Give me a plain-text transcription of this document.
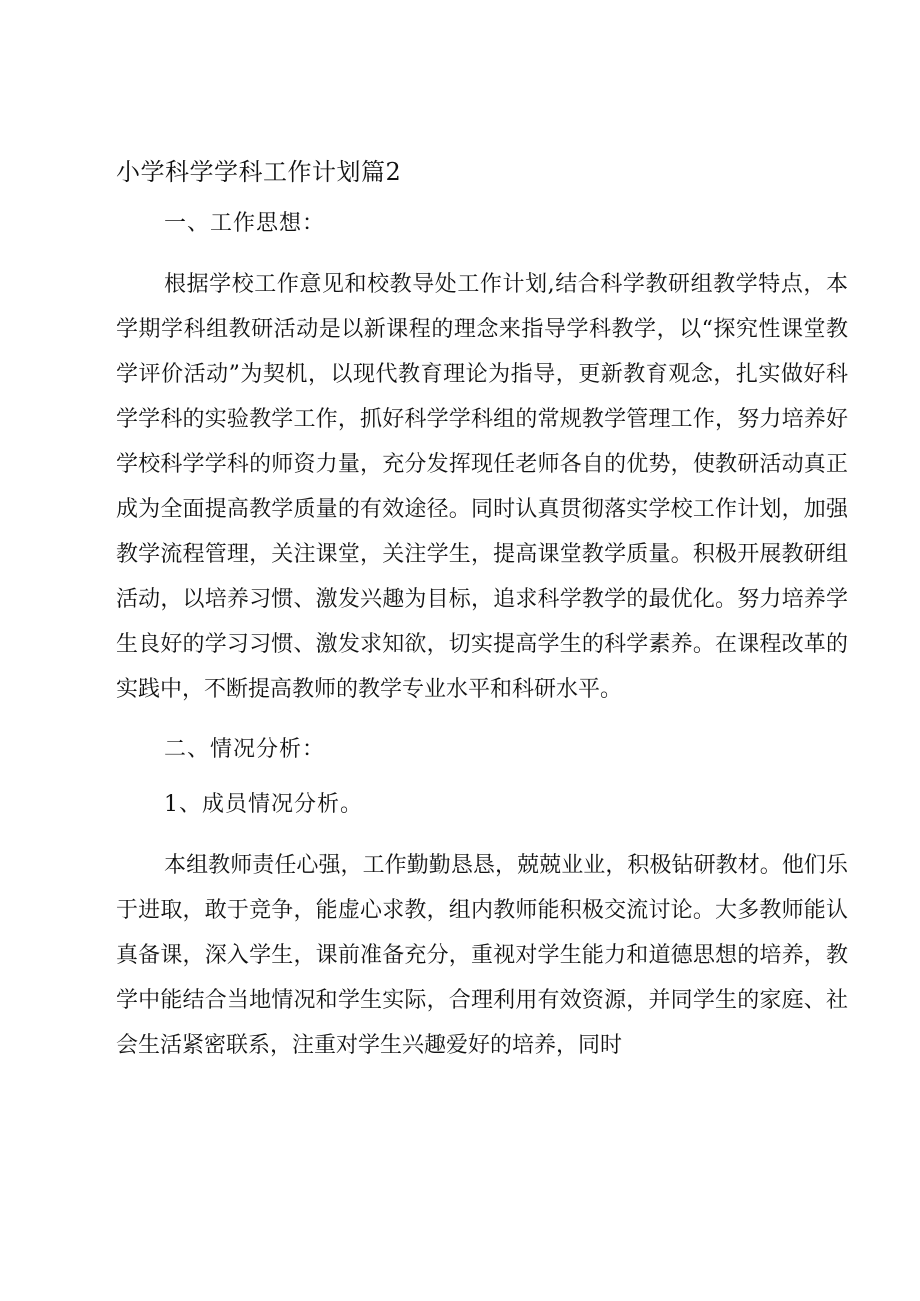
小学科学学科工作计划篇2
一、工作思想：

根据学校工作意见和校教导处工作计划,结合科学教研组教学特点，本学期学科组教研活动是以新课程的理念来指导学科教学，以“探究性课堂教学评价活动”为契机，以现代教育理论为指导，更新教育观念，扎实做好科学学科的实验教学工作，抓好科学学科组的常规教学管理工作，努力培养好学校科学学科的师资力量，充分发挥现任老师各自的优势，使教研活动真正成为全面提高教学质量的有效途径。同时认真贯彻落实学校工作计划，加强教学流程管理，关注课堂，关注学生，提高课堂教学质量。积极开展教研组活动，以培养习惯、激发兴趣为目标，追求科学教学的最优化。努力培养学生良好的学习习惯、激发求知欲，切实提高学生的科学素养。在课程改革的实践中，不断提高教师的教学专业水平和科研水平。

二、情况分析：
1、成员情况分析。

本组教师责任心强，工作勤勤恳恳，兢兢业业，积极钻研教材。他们乐于进取，敢于竞争，能虚心求教，组内教师能积极交流讨论。大多教师能认真备课，深入学生，课前准备充分，重视对学生能力和道德思想的培养，教学中能结合当地情况和学生实际，合理利用有效资源，并同学生的家庭、社会生活紧密联系，注重对学生兴趣爱好的培养，同时
